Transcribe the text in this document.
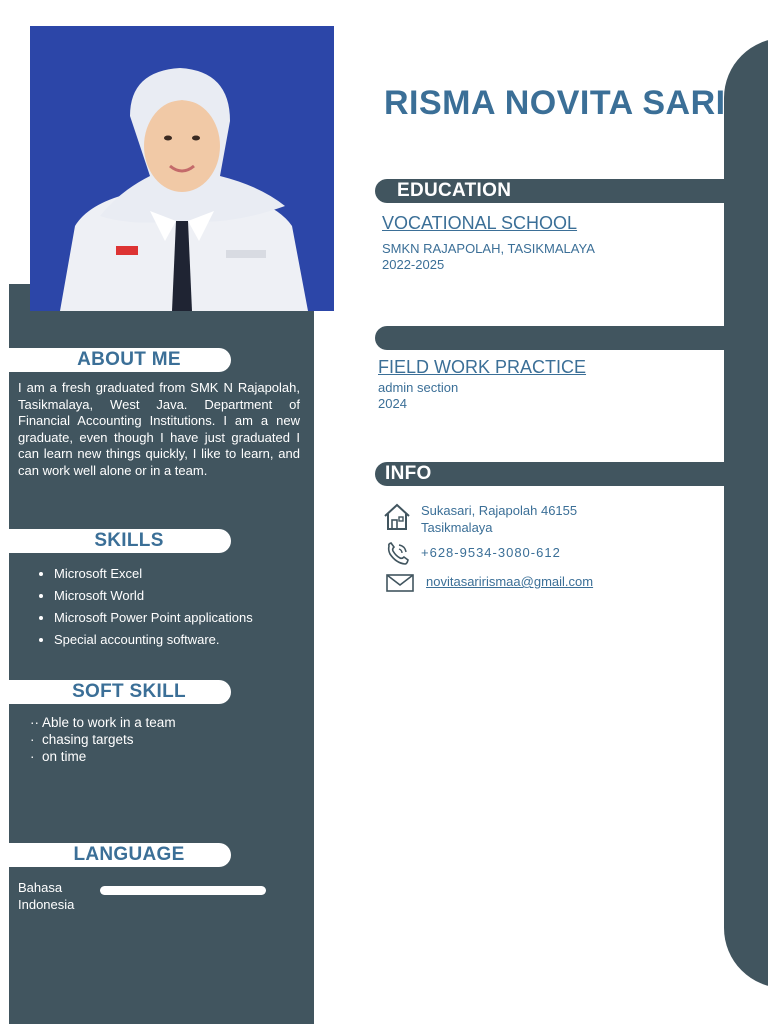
RISMA NOVITA SARI
EDUCATION
VOCATIONAL SCHOOL
SMKN RAJAPOLAH, TASIKMALAYA
2022-2025
FIELD WORK PRACTICE
admin section
2024
INFO
Sukasari, Rajapolah 46155
Tasikmalaya
+628-9534-3080-612
novitasarirismaa@gmail.com
ABOUT ME
I am a fresh graduated from SMK N Rajapolah, Tasikmalaya, West Java. Department of Financial Accounting Institutions. I am a new graduate, even though I have just graduated I can learn new things quickly, I like to learn, and can work well alone or in a team.
SKILLS
• Microsoft Excel
• Microsoft World
• Microsoft Power Point applications
• Special accounting software.
SOFT SKILL
·· Able to work in a team
· chasing targets
· on time
LANGUAGE
Bahasa
Indonesia
